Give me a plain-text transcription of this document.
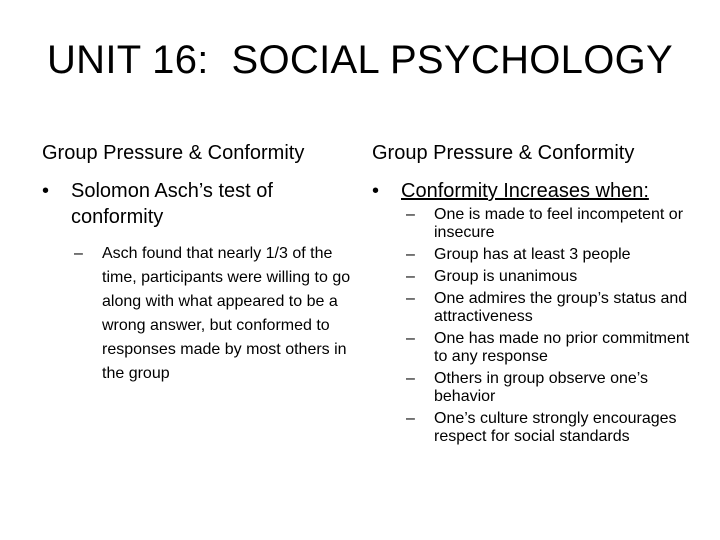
UNIT 16:  SOCIAL PSYCHOLOGY
Group Pressure & Conformity
• Solomon Asch’s test of conformity
– Asch found that nearly 1/3 of the time, participants were willing to go along with what appeared to be a wrong answer, but conformed to responses made by most others in the group
Group Pressure & Conformity
• Conformity Increases when:
– One is made to feel incompetent or insecure
– Group has at least 3 people
– Group is unanimous
– One admires the group’s status and attractiveness
– One has made no prior commitment to any response
– Others in group observe one’s behavior
– One’s culture strongly encourages respect for social standards
